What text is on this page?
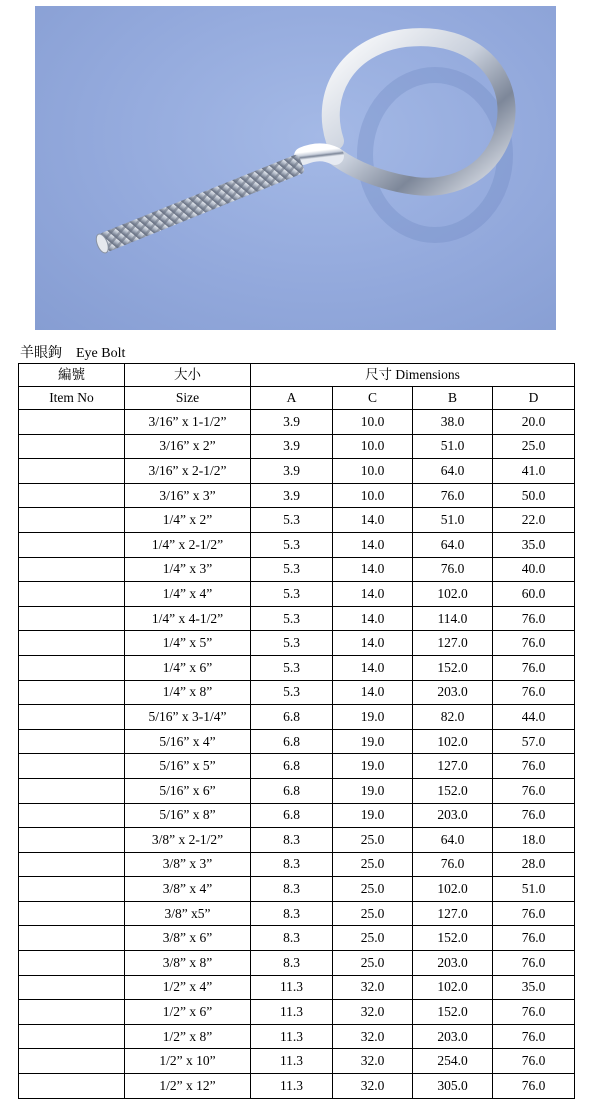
羊眼鉤 Eye Bolt
編號	大小	尺寸 Dimensions			
Item No	Size	A	C	B	D
	3/16” x 1-1/2”	3.9	10.0	38.0	20.0
	3/16” x 2”	3.9	10.0	51.0	25.0
	3/16” x 2-1/2”	3.9	10.0	64.0	41.0
	3/16” x 3”	3.9	10.0	76.0	50.0
	1/4” x 2”	5.3	14.0	51.0	22.0
	1/4” x 2-1/2”	5.3	14.0	64.0	35.0
	1/4” x 3”	5.3	14.0	76.0	40.0
	1/4” x 4”	5.3	14.0	102.0	60.0
	1/4” x 4-1/2”	5.3	14.0	114.0	76.0
	1/4” x 5”	5.3	14.0	127.0	76.0
	1/4” x 6”	5.3	14.0	152.0	76.0
	1/4” x 8”	5.3	14.0	203.0	76.0
	5/16” x 3-1/4”	6.8	19.0	82.0	44.0
	5/16” x 4”	6.8	19.0	102.0	57.0
	5/16” x 5”	6.8	19.0	127.0	76.0
	5/16” x 6”	6.8	19.0	152.0	76.0
	5/16” x 8”	6.8	19.0	203.0	76.0
	3/8” x 2-1/2”	8.3	25.0	64.0	18.0
	3/8” x 3”	8.3	25.0	76.0	28.0
	3/8” x 4”	8.3	25.0	102.0	51.0
	3/8” x5”	8.3	25.0	127.0	76.0
	3/8” x 6”	8.3	25.0	152.0	76.0
	3/8” x 8”	8.3	25.0	203.0	76.0
	1/2” x 4”	11.3	32.0	102.0	35.0
	1/2” x 6”	11.3	32.0	152.0	76.0
	1/2” x 8”	11.3	32.0	203.0	76.0
	1/2” x 10”	11.3	32.0	254.0	76.0
	1/2” x 12”	11.3	32.0	305.0	76.0
